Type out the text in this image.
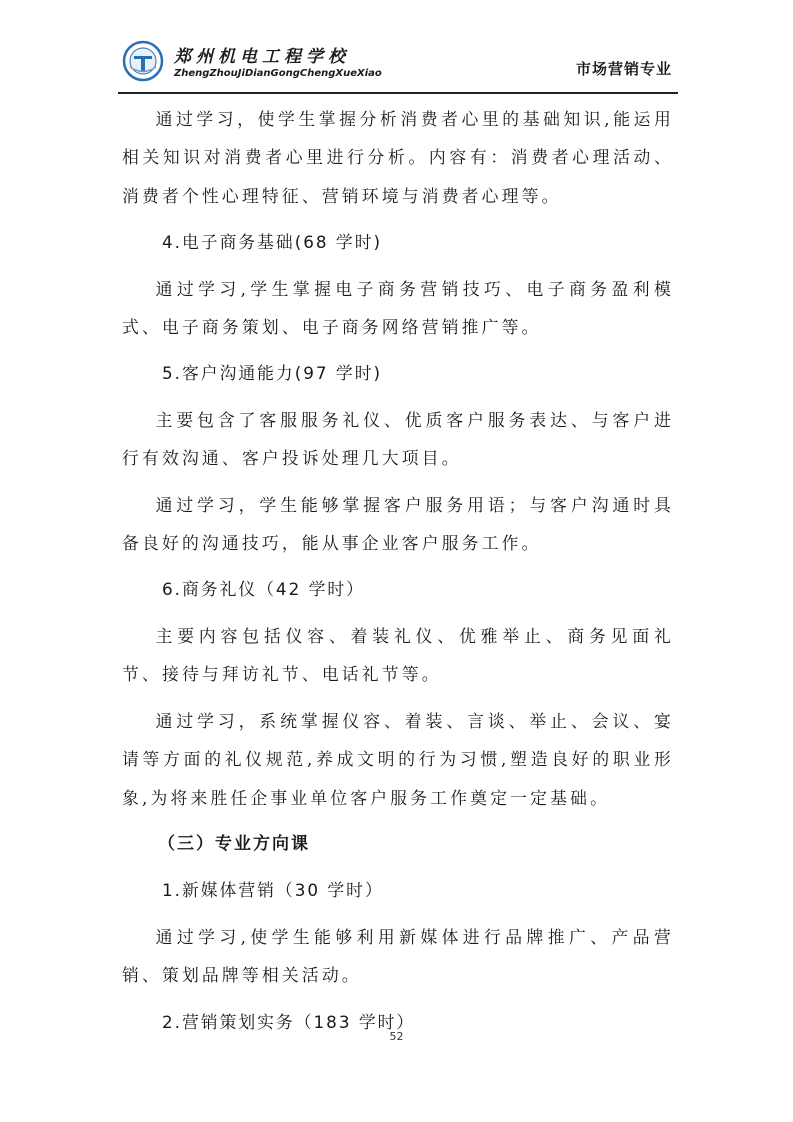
郑州机电工程学校
ZhengZhouJiDianGongChengXueXiao	市场营销专业

通过学习，使学生掌握分析消费者心里的基础知识,能运用相关知识对消费者心里进行分析。内容有：消费者心理活动、消费者个性心理特征、营销环境与消费者心理等。

4.电子商务基础(68 学时)

通过学习,学生掌握电子商务营销技巧、电子商务盈利模式、电子商务策划、电子商务网络营销推广等。

5.客户沟通能力(97 学时)

主要包含了客服服务礼仪、优质客户服务表达、与客户进行有效沟通、客户投诉处理几大项目。

通过学习，学生能够掌握客户服务用语；与客户沟通时具备良好的沟通技巧，能从事企业客户服务工作。

6.商务礼仪（42 学时）

主要内容包括仪容、着装礼仪、优雅举止、商务见面礼节、接待与拜访礼节、电话礼节等。

通过学习，系统掌握仪容、着装、言谈、举止、会议、宴请等方面的礼仪规范,养成文明的行为习惯,塑造良好的职业形象,为将来胜任企事业单位客户服务工作奠定一定基础。

（三）专业方向课

1.新媒体营销（30 学时）

通过学习,使学生能够利用新媒体进行品牌推广、产品营销、策划品牌等相关活动。

2.营销策划实务（183 学时）

52
